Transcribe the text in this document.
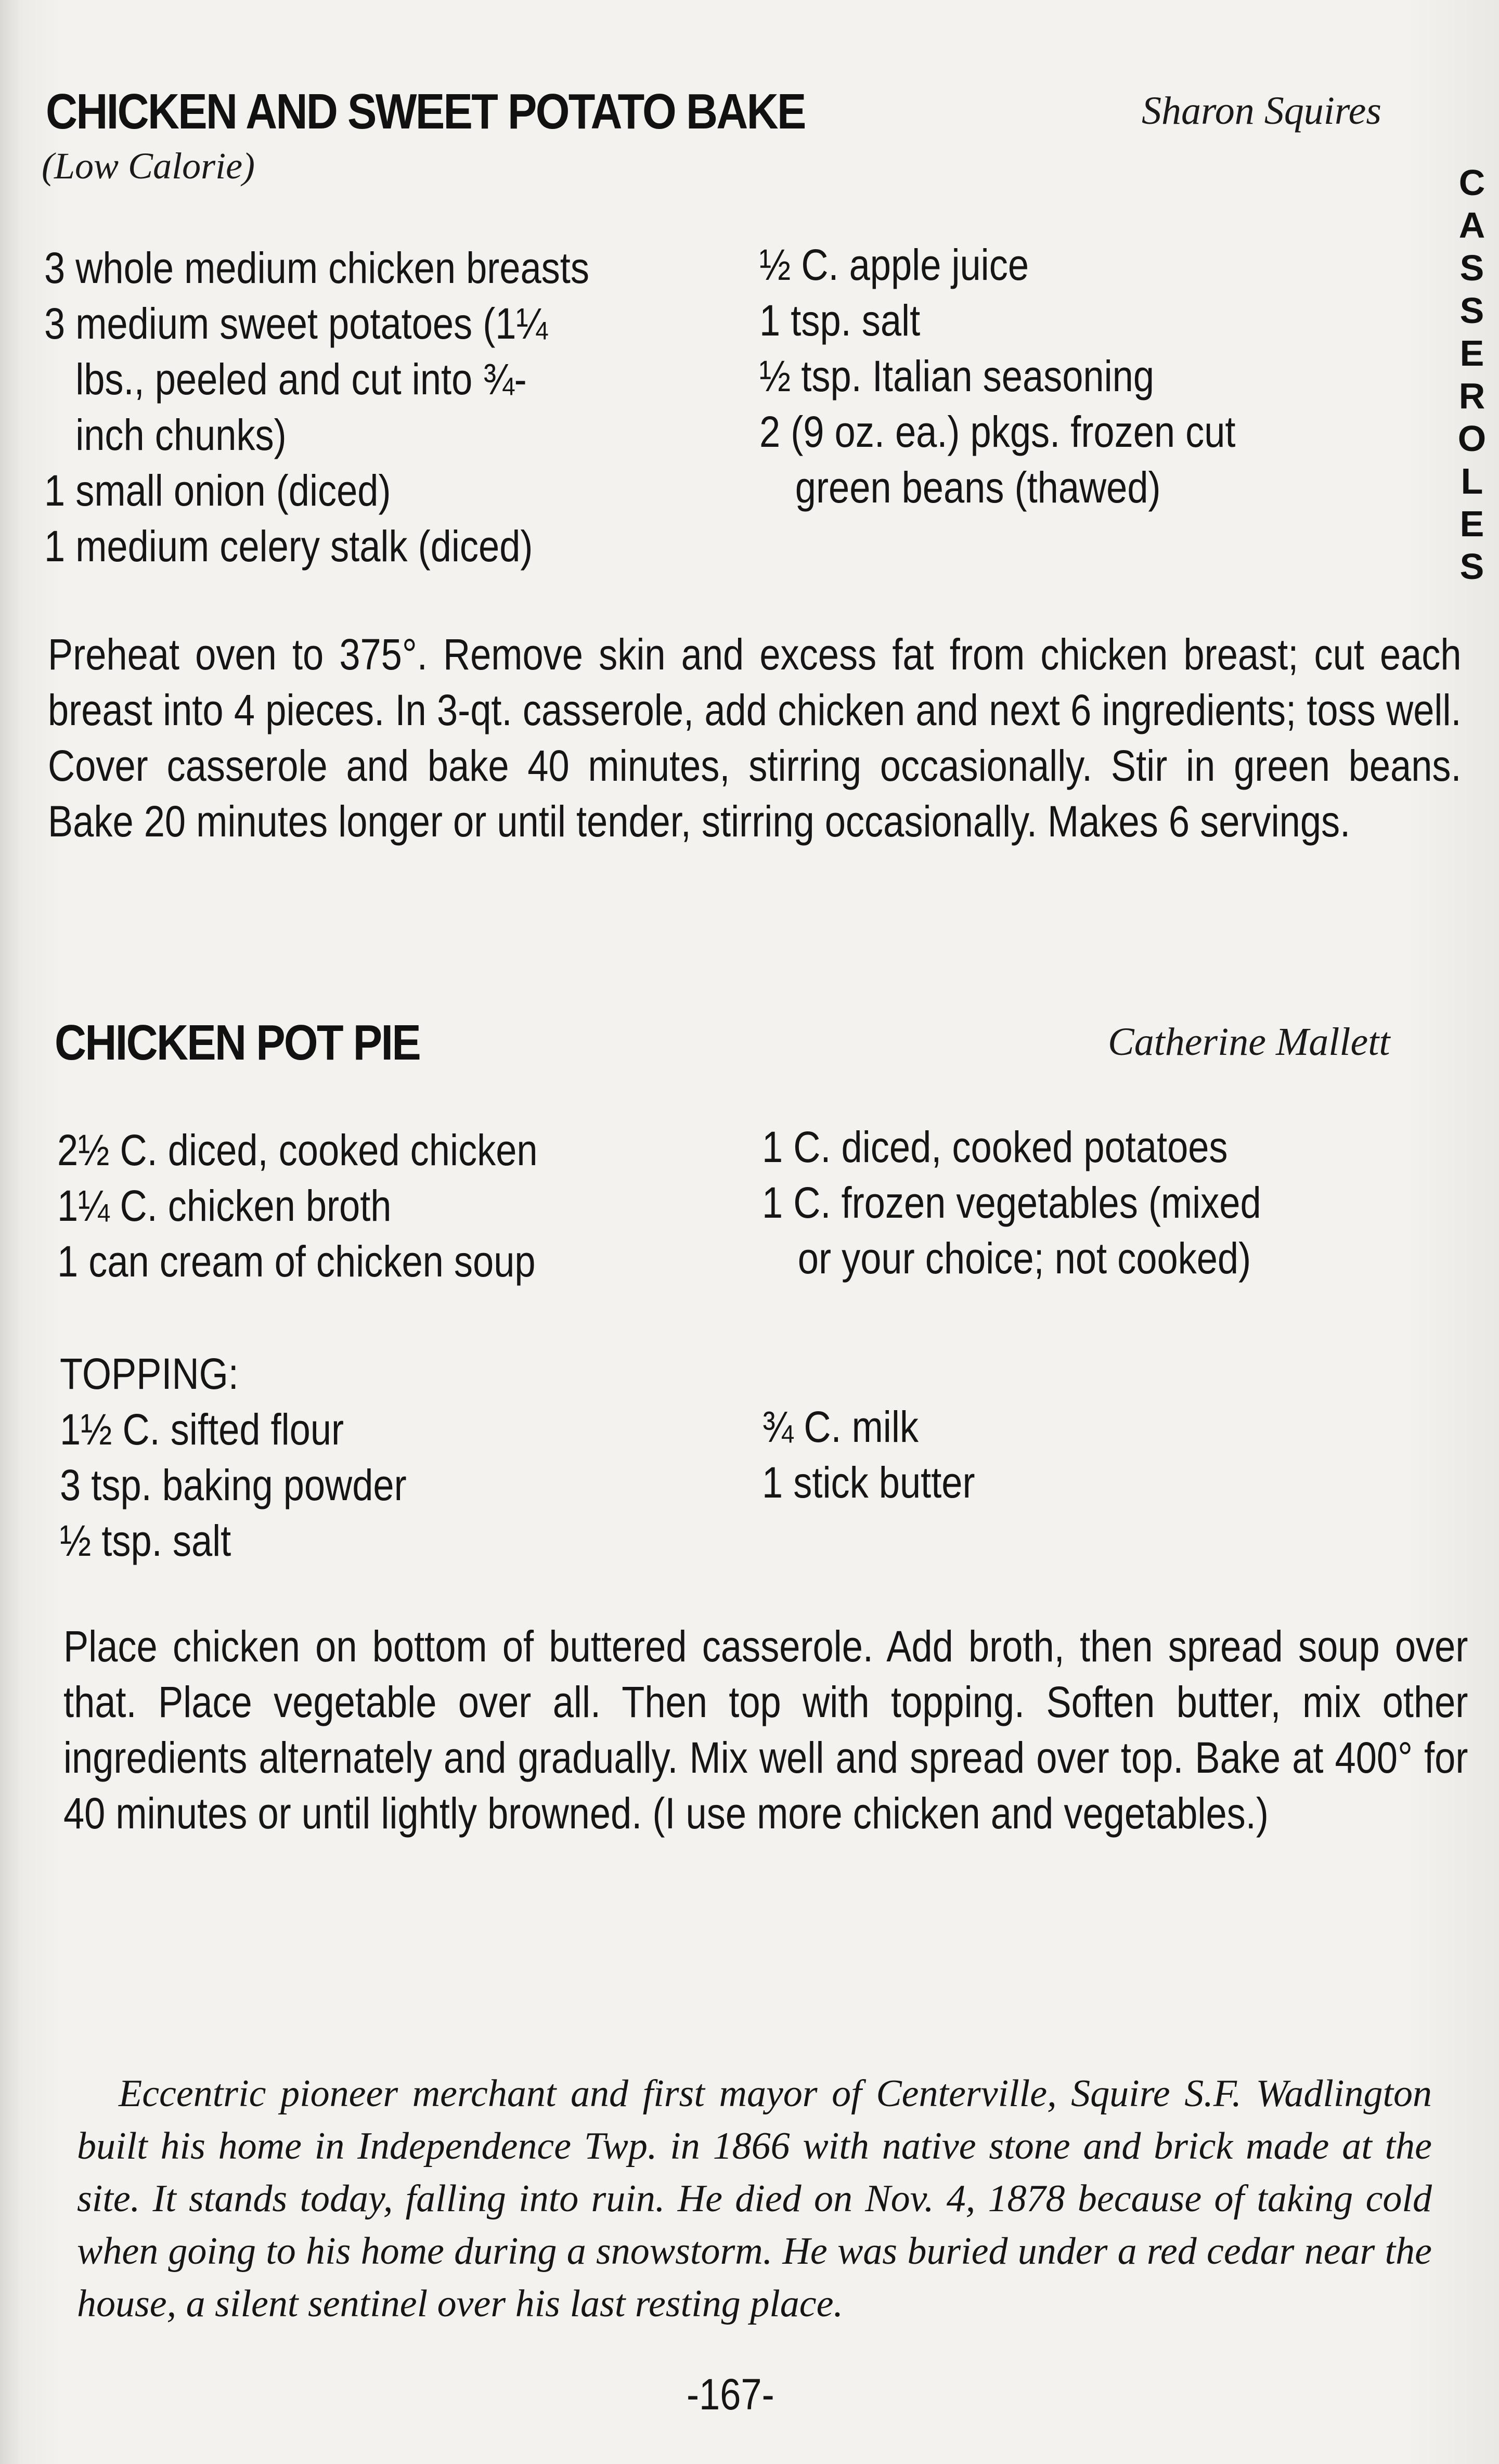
C
A
S
S
E
R
O
L
E
S
CHICKEN AND SWEET POTATO BAKE	Sharon Squires
(Low Calorie)
3 whole medium chicken breasts
3 medium sweet potatoes (1¼
lbs., peeled and cut into ¾-
inch chunks)
1 small onion (diced)
1 medium celery stalk (diced)
½ C. apple juice
1 tsp. salt
½ tsp. Italian seasoning
2 (9 oz. ea.) pkgs. frozen cut
green beans (thawed)
Preheat oven to 375°. Remove skin and excess fat from chicken breast; cut each breast into 4 pieces. In 3-qt. casserole, add chicken and next 6 ingredients; toss well. Cover casserole and bake 40 minutes, stirring occasionally. Stir in green beans. Bake 20 minutes longer or until tender, stirring occasionally. Makes 6 servings.
CHICKEN POT PIE	Catherine Mallett
2½ C. diced, cooked chicken
1¼ C. chicken broth
1 can cream of chicken soup
1 C. diced, cooked potatoes
1 C. frozen vegetables (mixed
or your choice; not cooked)
TOPPING:
1½ C. sifted flour
3 tsp. baking powder
½ tsp. salt
¾ C. milk
1 stick butter
Place chicken on bottom of buttered casserole. Add broth, then spread soup over that. Place vegetable over all. Then top with topping. Soften butter, mix other ingredients alternately and gradually. Mix well and spread over top. Bake at 400° for 40 minutes or until lightly browned. (I use more chicken and vegetables.)
Eccentric pioneer merchant and first mayor of Centerville, Squire S.F. Wadlington built his home in Independence Twp. in 1866 with native stone and brick made at the site. It stands today, falling into ruin. He died on Nov. 4, 1878 because of taking cold when going to his home during a snowstorm. He was buried under a red cedar near the house, a silent sentinel over his last resting place.
-167-
